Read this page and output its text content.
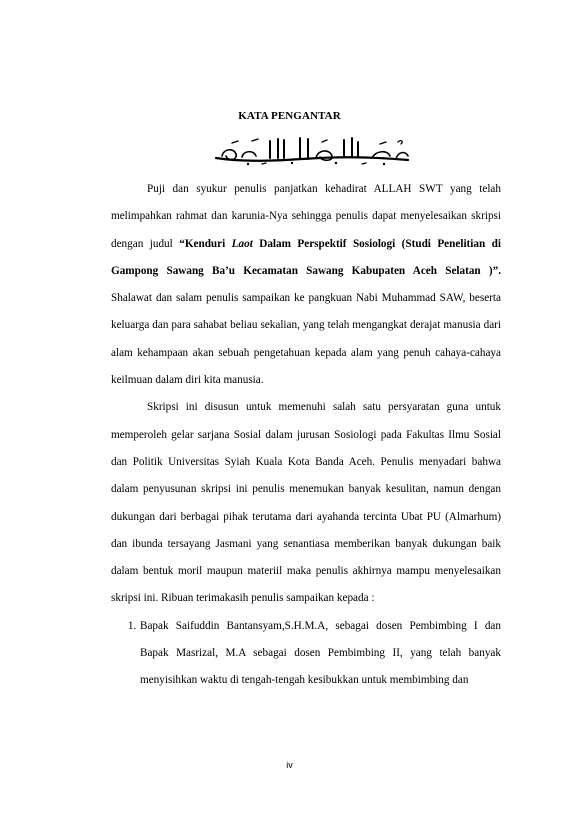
KATA PENGANTAR

Puji dan syukur penulis panjatkan kehadirat ALLAH SWT yang telah melimpahkan rahmat dan karunia-Nya sehingga penulis dapat menyelesaikan skripsi dengan judul “Kenduri Laot Dalam Perspektif Sosiologi (Studi Penelitian di Gampong Sawang Ba’u Kecamatan Sawang Kabupaten Aceh Selatan )”. Shalawat dan salam penulis sampaikan ke pangkuan Nabi Muhammad SAW, beserta keluarga dan para sahabat beliau sekalian, yang telah mengangkat derajat manusia dari alam kehampaan akan sebuah pengetahuan kepada alam yang penuh cahaya-cahaya keilmuan dalam diri kita manusia.

Skripsi ini disusun untuk memenuhi salah satu persyaratan guna untuk memperoleh gelar sarjana Sosial dalam jurusan Sosiologi pada Fakultas Ilmu Sosial dan Politik Universitas Syiah Kuala Kota Banda Aceh. Penulis menyadari bahwa dalam penyusunan skripsi ini penulis menemukan banyak kesulitan, namun dengan dukungan dari berbagai pihak terutama dari ayahanda tercinta Ubat PU (Almarhum) dan ibunda tersayang Jasmani yang senantiasa memberikan banyak dukungan baik dalam bentuk moril maupun materiil maka penulis akhirnya mampu menyelesaikan skripsi ini. Ribuan terimakasih penulis sampaikan kepada :

1. Bapak Saifuddin Bantansyam,S.H.M.A, sebagai dosen Pembimbing I dan Bapak Masrizal, M.A sebagai dosen Pembimbing II, yang telah banyak menyisihkan waktu di tengah-tengah kesibukkan untuk membimbing dan
iv
